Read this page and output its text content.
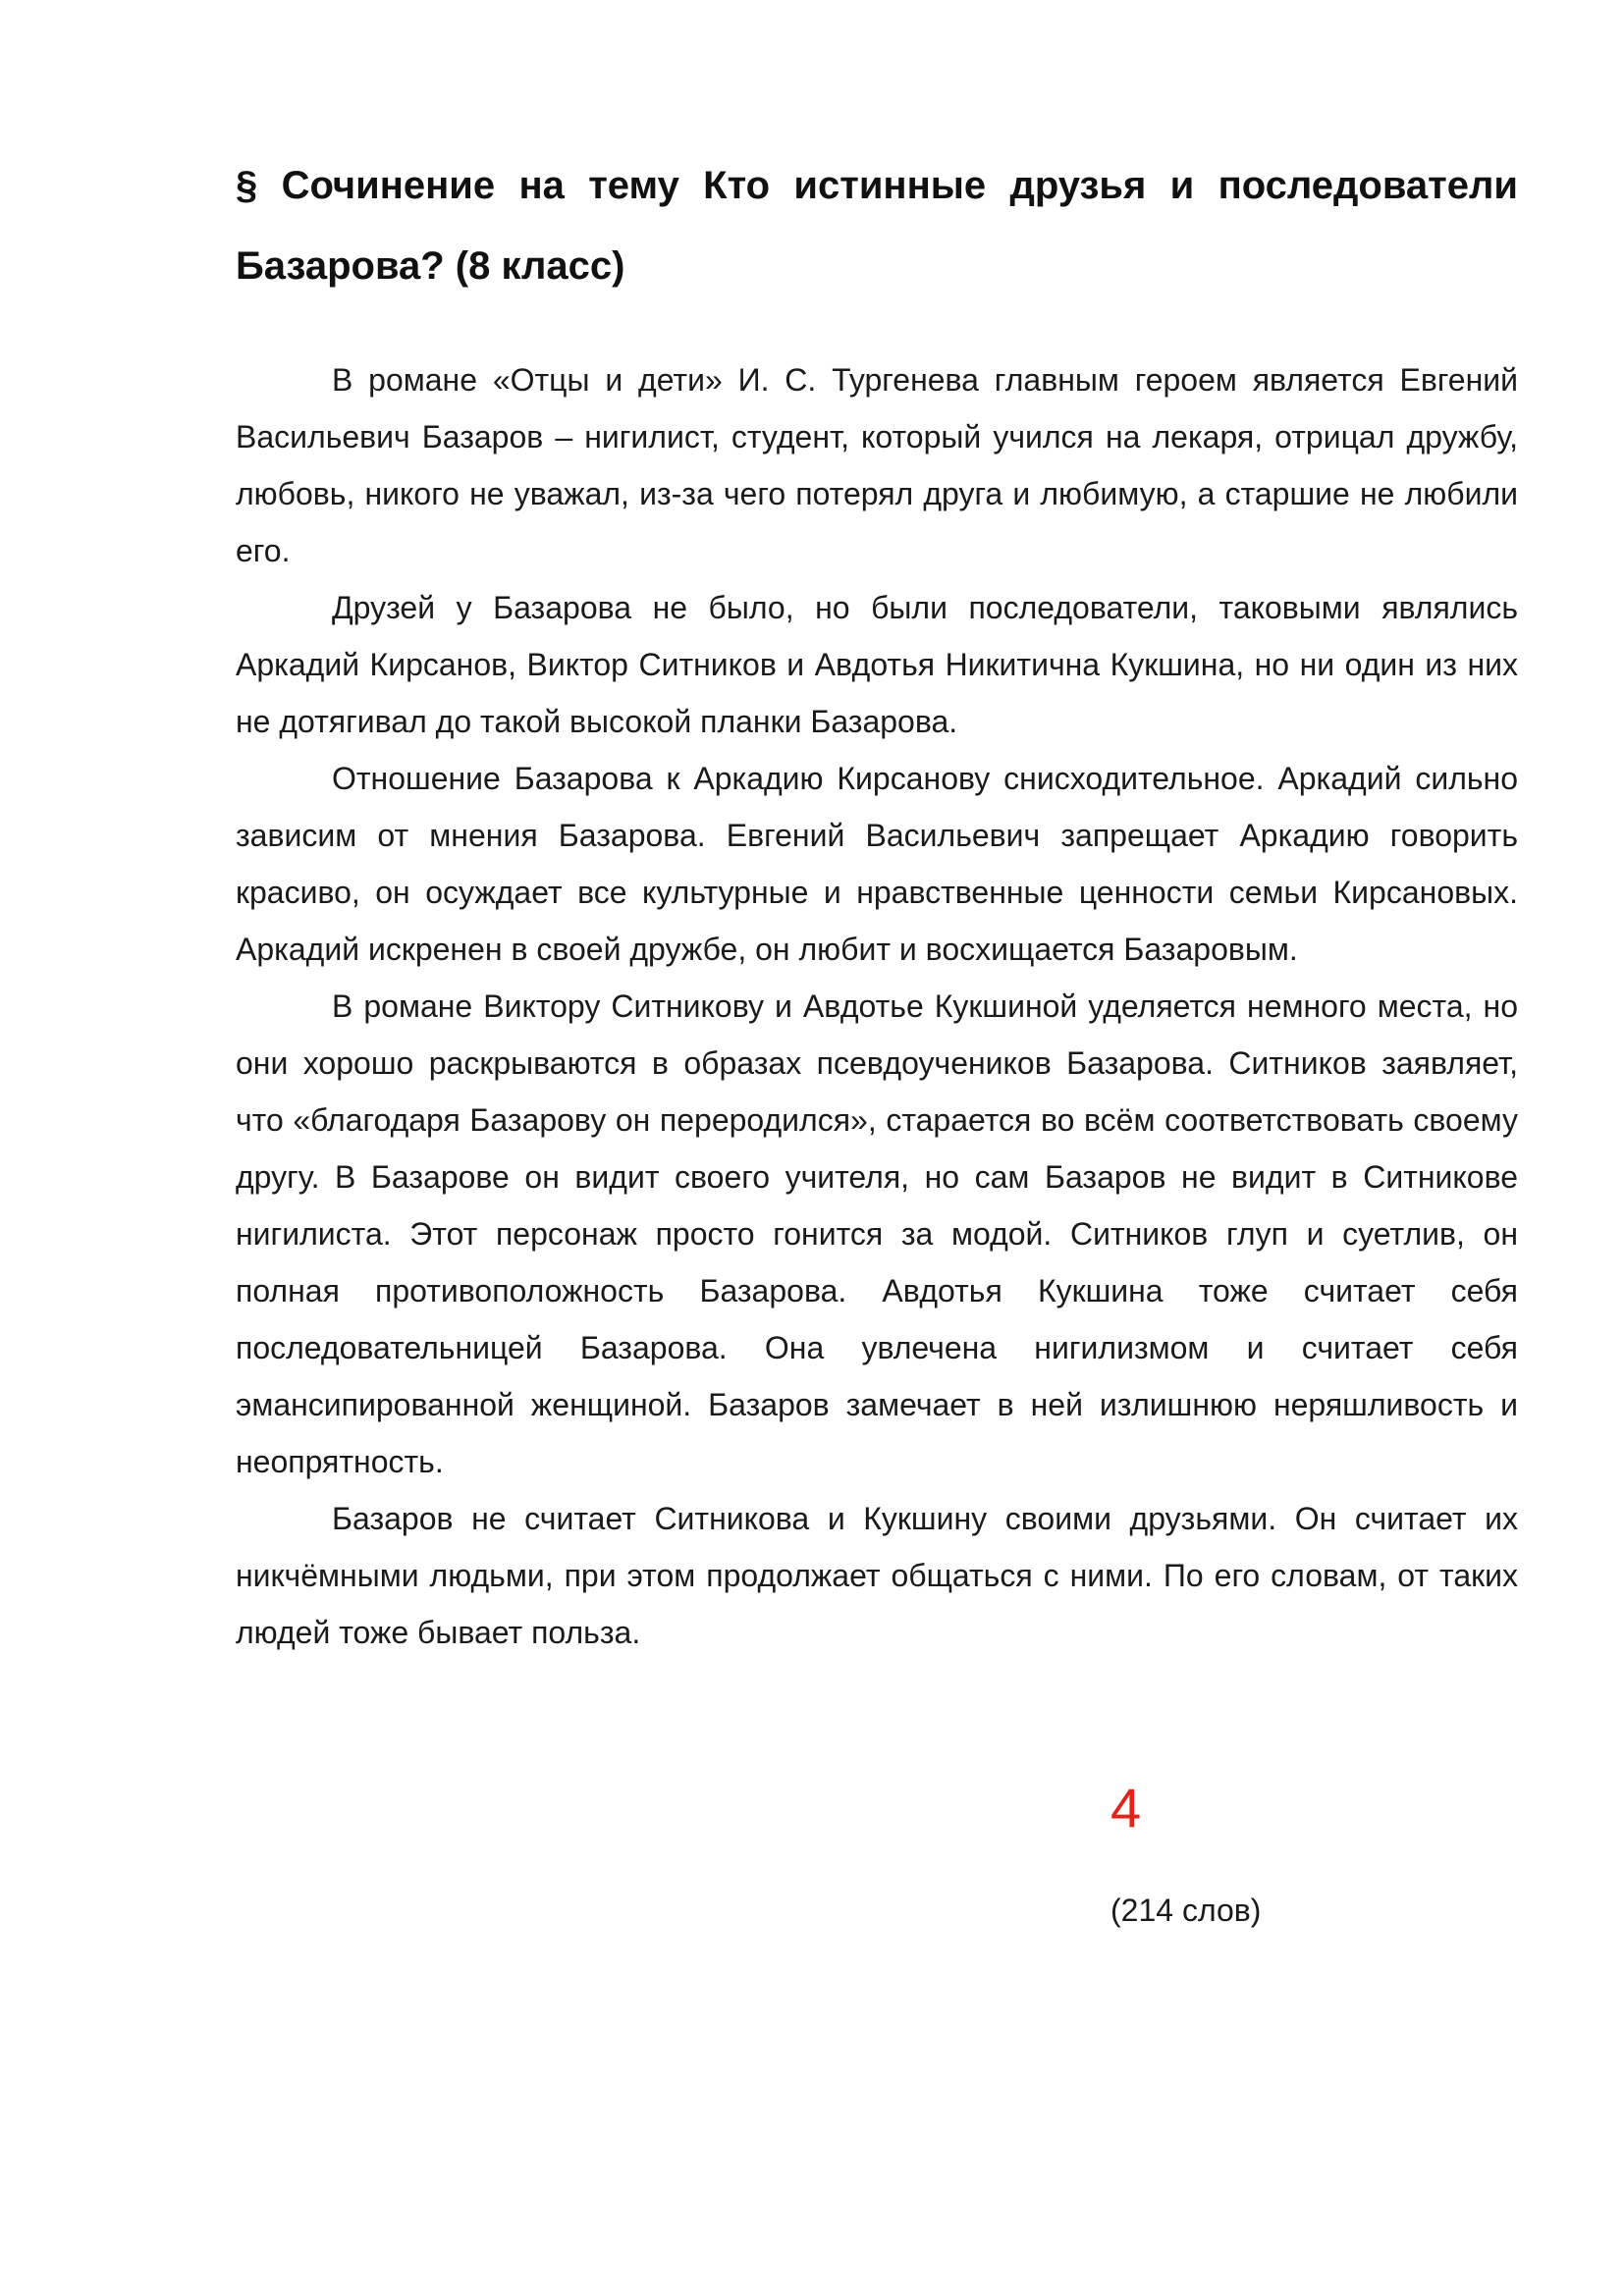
§ Сочинение на тему Кто истинные друзья и последователи Базарова? (8 класс)

В романе «Отцы и дети» И. С. Тургенева главным героем является Евгений Васильевич Базаров – нигилист, студент, который учился на лекаря, отрицал дружбу, любовь, никого не уважал, из-за чего потерял друга и любимую, а старшие не любили его.

Друзей у Базарова не было, но были последователи, таковыми являлись Аркадий Кирсанов, Виктор Ситников и Авдотья Никитична Кукшина, но ни один из них не дотягивал до такой высокой планки Базарова.

Отношение Базарова к Аркадию Кирсанову снисходительное. Аркадий сильно зависим от мнения Базарова. Евгений Васильевич запрещает Аркадию говорить красиво, он осуждает все культурные и нравственные ценности семьи Кирсановых. Аркадий искренен в своей дружбе, он любит и восхищается Базаровым.

В романе Виктору Ситникову и Авдотье Кукшиной уделяется немного места, но они хорошо раскрываются в образах псевдоучеников Базарова. Ситников заявляет, что «благодаря Базарову он переродился», старается во всём соответствовать своему другу. В Базарове он видит своего учителя, но сам Базаров не видит в Ситникове нигилиста. Этот персонаж просто гонится за модой. Ситников глуп и суетлив, он полная противоположность Базарова. Авдотья Кукшина тоже считает себя последовательницей Базарова. Она увлечена нигилизмом и считает себя эмансипированной женщиной. Базаров замечает в ней излишнюю неряшливость и неопрятность.

Базаров не считает Ситникова и Кукшину своими друзьями. Он считает их никчёмными людьми, при этом продолжает общаться с ними. По его словам, от таких людей тоже бывает польза.

4
(214 слов)
